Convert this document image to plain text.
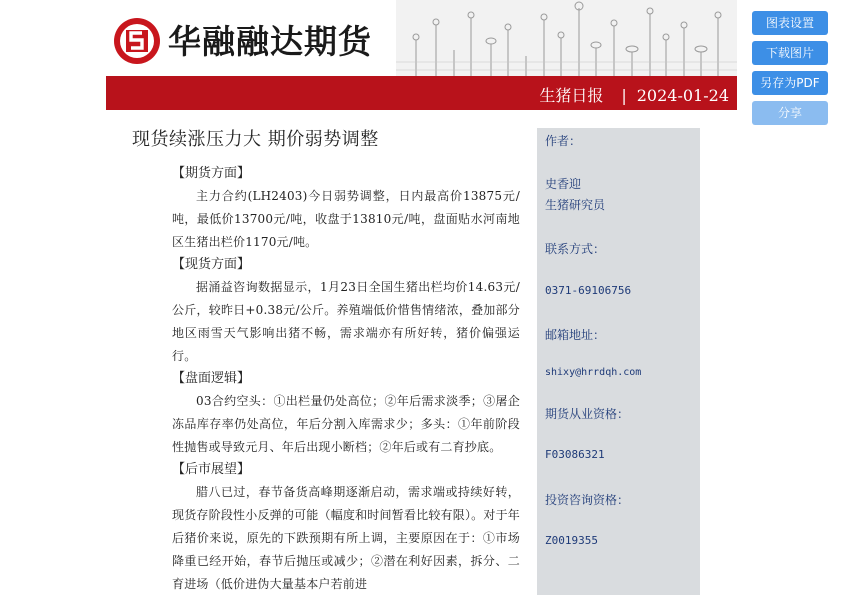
华融融达期货
生猪日报 | 2024-01-24
图表设置
下载图片
另存为PDF
分享
现货续涨压力大 期价弱势调整
【期货方面】

主力合约(LH2403)今日弱势调整，日内最高价13875元/吨，最低价13700元/吨，收盘于13810元/吨，盘面贴水河南地区生猪出栏价1170元/吨。

【现货方面】

据涌益咨询数据显示，1月23日全国生猪出栏均价14.63元/公斤，较昨日+0.38元/公斤。养殖端低价惜售情绪浓，叠加部分地区雨雪天气影响出猪不畅，需求端亦有所好转，猪价偏强运行。

【盘面逻辑】

03合约空头：①出栏量仍处高位；②年后需求淡季；③屠企冻品库存率仍处高位，年后分割入库需求少；多头：①年前阶段性抛售或导致元月、年后出现小断档；②年后或有二育抄底。

【后市展望】

腊八已过，春节备货高峰期逐渐启动，需求端或持续好转，现货存阶段性小反弹的可能（幅度和时间暂看比较有限）。对于年后猪价来说，原先的下跌预期有所上调，主要原因在于：①市场降重已经开始，春节后抛压或减少；②潜在利好因素，拆分、二育进场（低价进伪大量基本户若前进

作者：
史香迎
生猪研究员
联系方式：
0371-69106756
邮箱地址：
shixy@hrrdqh.com
期货从业资格：
F03086321
投资咨询资格：
Z0019355
